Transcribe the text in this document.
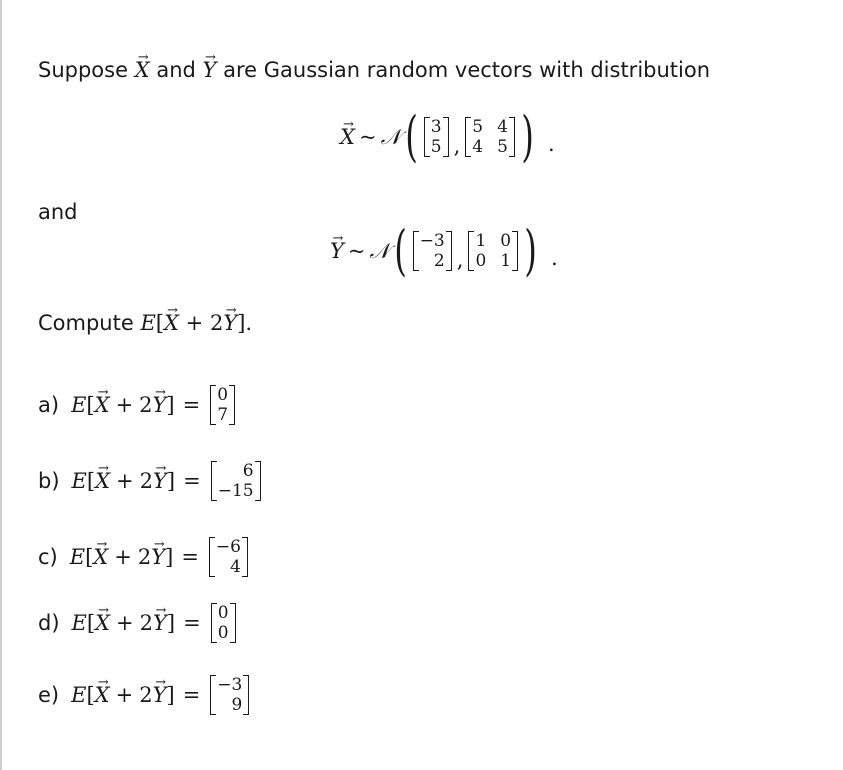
Suppose → X and → Y are Gaussian random vectors with distribution
→ X ~ 𝒩 ( 3
5 ,
5	4
4	5 ) .
and
→ Y ~ 𝒩 ( −3
2 ,
1	0
0	1 ) .
Compute E[→ X + 2→ Y].
a) E [ → X + 2 → Y ] = 0
7
b) E [ → X + 2 → Y ] = 6
−15
c) E [ → X + 2 → Y ] = −6
4
d) E [ → X + 2 → Y ] = 0
0
e) E [ → X + 2 → Y ] = −3
9
